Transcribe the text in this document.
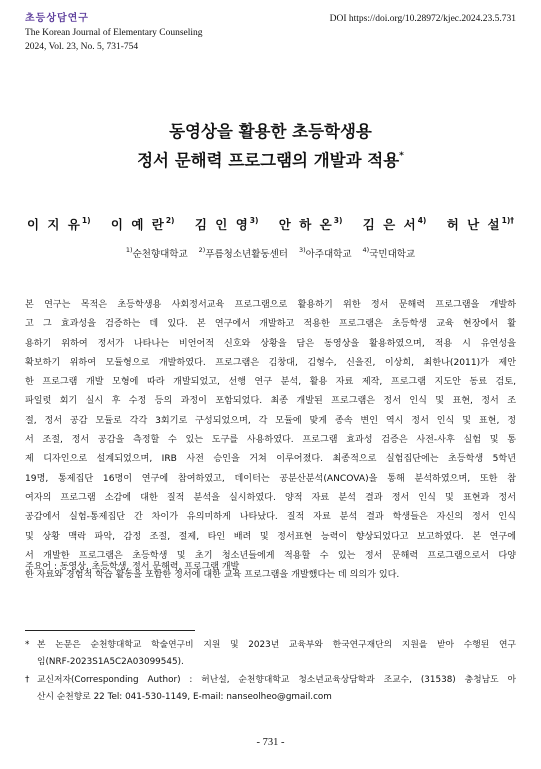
초등상담연구
The Korean Journal of Elementary Counseling
2024, Vol. 23, No. 5, 731-754
DOI https://doi.org/10.28972/kjec.2024.23.5.731
동영상을 활용한 초등학생용
정서 문해력 프로그램의 개발과 적용*
이 지 유$^{1)}$ 이 예 란$^{2)}$ 김 인 영$^{3)}$ 안 하 온$^{3)}$ 김 은 서$^{4)}$ 허 난 설$^{1)\dagger}$
$^{1)}$순천향대학교 $^{2)}$푸름청소년활동센터 $^{3)}$아주대학교 $^{4)}$국민대학교
본 연구는 목적은 초등학생용 사회정서교육 프로그램으로 활용하기 위한 정서 문해력 프로그램을 개발하
고 그 효과성을 검증하는 데 있다. 본 연구에서 개발하고 적용한 프로그램은 초등학생 교육 현장에서 활
용하기 위하여 정서가 나타나는 비언어적 신호와 상황을 담은 동영상을 활용하였으며, 적용 시 유연성을
확보하기 위하여 모듈형으로 개발하였다. 프로그램은 김창대, 김형수, 신을진, 이상희, 최한나(2011)가 제안
한 프로그램 개발 모형에 따라 개발되었고, 선행 연구 분석, 활용 자료 제작, 프로그램 지도안 동료 검토,
파일럿 회기 실시 후 수정 등의 과정이 포함되었다. 최종 개발된 프로그램은 정서 인식 및 표현, 정서 조
절, 정서 공감 모듈로 각각 3회기로 구성되었으며, 각 모듈에 맞게 종속 변인 역시 정서 인식 및 표현, 정
서 조절, 정서 공감을 측정할 수 있는 도구를 사용하였다. 프로그램 효과성 검증은 사전-사후 실험 및 통
제 디자인으로 설계되었으며, IRB 사전 승인을 거쳐 이루어졌다. 최종적으로 실험집단에는 초등학생 5학년
19명, 통제집단 16명이 연구에 참여하였고, 데이터는 공분산분석(ANCOVA)을 통해 분석하였으며, 또한 참
여자의 프로그램 소감에 대한 질적 분석을 실시하였다. 양적 자료 분석 결과 정서 인식 및 표현과 정서
공감에서 실험-통제집단 간 차이가 유의미하게 나타났다. 질적 자료 분석 결과 학생들은 자신의 정서 인식
및 상황 맥락 파악, 감정 조절, 절제, 타인 배려 및 정서표현 능력이 향상되었다고 보고하였다. 본 연구에
서 개발한 프로그램은 초등학생 및 초기 청소년들에게 적용할 수 있는 정서 문해력 프로그램으로서 다양
한 자료와 경험적 학습 활동을 포함한 정서에 대한 교육 프로그램을 개발했다는 데 의의가 있다.
주요어 : 동영상, 초등학생, 정서 문해력, 프로그램 개발
* 본 논문은 순천향대학교 학술연구비 지원 및 2023년 교육부와 한국연구재단의 지원을 받아 수행된 연구
임(NRF-2023S1A5C2A03099545).
† 교신저자(Corresponding Author) : 허난설, 순천향대학교 청소년교육상담학과 조교수, (31538) 충청남도 아
산시 순천향로 22 Tel: 041-530-1149, E-mail: nanseolheo@gmail.com
- 731 -
